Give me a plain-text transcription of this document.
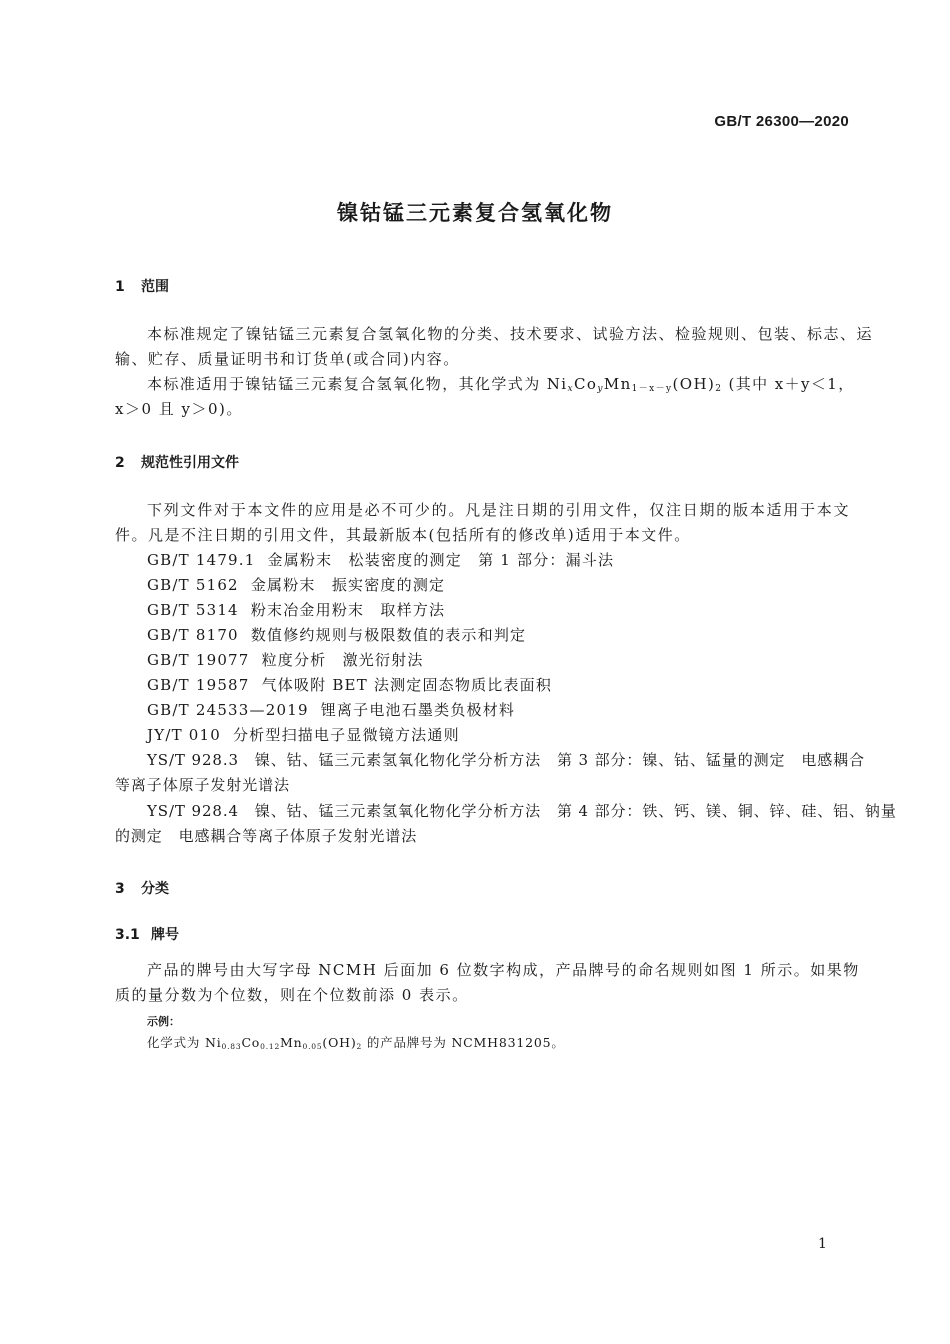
GB/T 26300—2020
镍钴锰三元素复合氢氧化物
1 范围
本标准规定了镍钴锰三元素复合氢氧化物的分类、技术要求、试验方法、检验规则、包装、标志、运
输、贮存、质量证明书和订货单(或合同)内容。
本标准适用于镍钴锰三元素复合氢氧化物，其化学式为 $Ni_xCo_yMn_{1-x-y}(OH)_2$ (其中 x＋y＜1，
x＞0 且 y＞0)。
2 规范性引用文件
下列文件对于本文件的应用是必不可少的。凡是注日期的引用文件，仅注日期的版本适用于本文
件。凡是不注日期的引用文件，其最新版本(包括所有的修改单)适用于本文件。
GB/T 1479.1 金属粉末　松装密度的测定　第 1 部分：漏斗法
GB/T 5162 金属粉末　振实密度的测定
GB/T 5314 粉末冶金用粉末　取样方法
GB/T 8170 数值修约规则与极限数值的表示和判定
GB/T 19077 粒度分析　激光衍射法
GB/T 19587 气体吸附 BET 法测定固态物质比表面积
GB/T 24533—2019 锂离子电池石墨类负极材料
JY/T 010 分析型扫描电子显微镜方法通则
YS/T 928.3　镍、钴、锰三元素氢氧化物化学分析方法　第 3 部分：镍、钴、锰量的测定　电感耦合
等离子体原子发射光谱法
YS/T 928.4　镍、钴、锰三元素氢氧化物化学分析方法　第 4 部分：铁、钙、镁、铜、锌、硅、铝、钠量
的测定　电感耦合等离子体原子发射光谱法
3 分类
3.1 牌号
产品的牌号由大写字母 NCMH 后面加 6 位数字构成，产品牌号的命名规则如图 1 所示。如果物
质的量分数为个位数，则在个位数前添 0 表示。
示例：
化学式为 $Ni_{0.83}Co_{0.12}Mn_{0.05}(OH)_2$ 的产品牌号为 NCMH831205。
1
